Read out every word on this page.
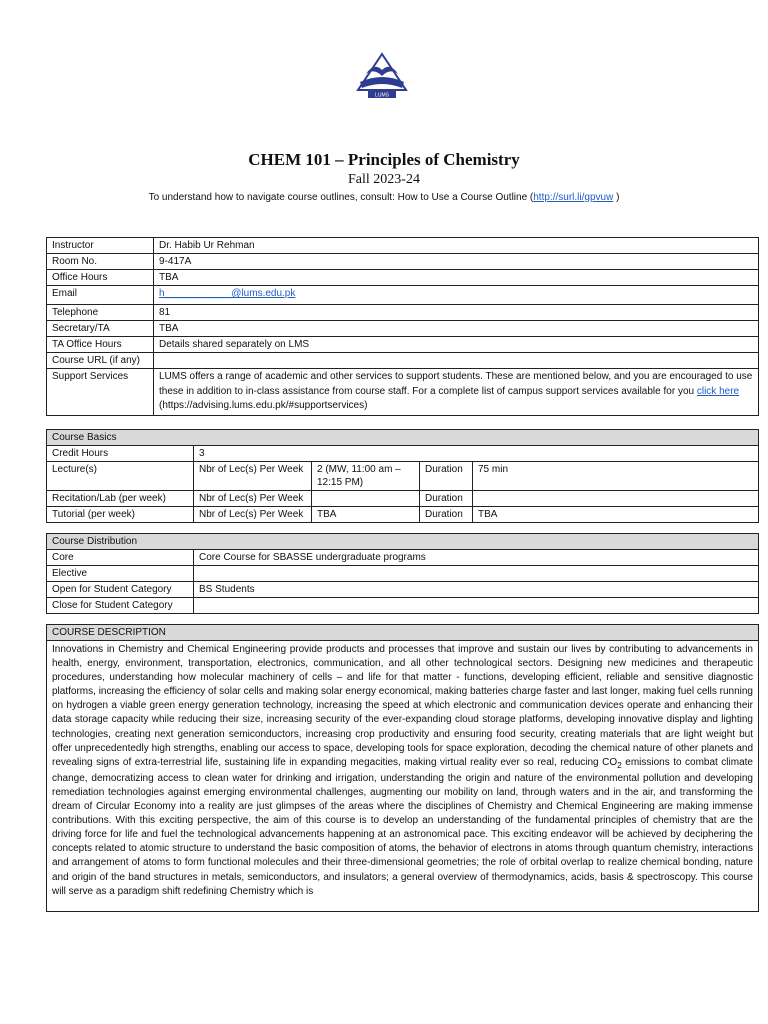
LUMS
CHEM 101 – Principles of Chemistry
Fall 2023-24
To understand how to navigate course outlines, consult: How to Use a Course Outline (http://surl.li/gpvuw )
Instructor	Dr. Habib Ur Rehman
Room No.	9-417A
Office Hours	TBA
Email	h____________@lums.edu.pk
Telephone	81
Secretary/TA	TBA
TA Office Hours	Details shared separately on LMS
Course URL (if any)	
Support Services	LUMS offers a range of academic and other services to support students. These are mentioned below, and you are encouraged to use these in addition to in-class assistance from course staff. For a complete list of campus support services available for you click here (https://advising.lums.edu.pk/#supportservices)
Course Basics				
Credit Hours	3			
Lecture(s)	Nbr of Lec(s) Per Week	2 (MW, 11:00 am – 12:15 PM)	Duration	75 min
Recitation/Lab (per week)	Nbr of Lec(s) Per Week		Duration	
Tutorial (per week)	Nbr of Lec(s) Per Week	TBA	Duration	TBA
Course Distribution	
Core	Core Course for SBASSE undergraduate programs
Elective	
Open for Student Category	BS Students
Close for Student Category	
COURSE DESCRIPTION

Innovations in Chemistry and Chemical Engineering provide products and processes that improve and sustain our lives by contributing to advancements in health, energy, environment, transportation, electronics, communication, and all other technological sectors. Designing new medicines and therapeutic procedures, understanding how molecular machinery of cells – and life for that matter - functions, developing efficient, reliable and sensitive diagnostic platforms, increasing the efficiency of solar cells and making solar energy economical, making batteries charge faster and last longer, making fuel cells running on hydrogen a viable green energy generation technology, increasing the speed at which electronic and communication devices operate and enhancing their data storage capacity while reducing their size, increasing security of the ever-expanding cloud storage platforms, developing innovative display and lighting technologies, creating next generation semiconductors, increasing crop productivity and ensuring food security, creating materials that are light weight but offer unprecedentedly high strengths, enabling our access to space, developing tools for space exploration, decoding the chemical nature of other planets and revealing signs of extra-terrestrial life, sustaining life in expanding megacities, making virtual reality ever so real, reducing $CO_2$ emissions to combat climate change, democratizing access to clean water for drinking and irrigation, understanding the origin and nature of the environmental pollution and developing remediation technologies against emerging environmental challenges, augmenting our mobility on land, through waters and in the air, and transforming the dream of Circular Economy into a reality are just glimpses of the areas where the disciplines of Chemistry and Chemical Engineering are making immense contributions. With this exciting perspective, the aim of this course is to develop an understanding of the fundamental principles of chemistry that are the driving force for life and fuel the technological advancements happening at an astronomical pace. This exciting endeavor will be achieved by deciphering the concepts related to atomic structure to understand the basic composition of atoms, the behavior of electrons in atoms through quantum chemistry, interactions and arrangement of atoms to form functional molecules and their three-dimensional geometries; the role of orbital overlap to realize chemical bonding, nature and origin of the band structures in metals, semiconductors, and insulators; a general overview of thermodynamics, acids, basis & spectroscopy. This course will serve as a paradigm shift redefining Chemistry which is
